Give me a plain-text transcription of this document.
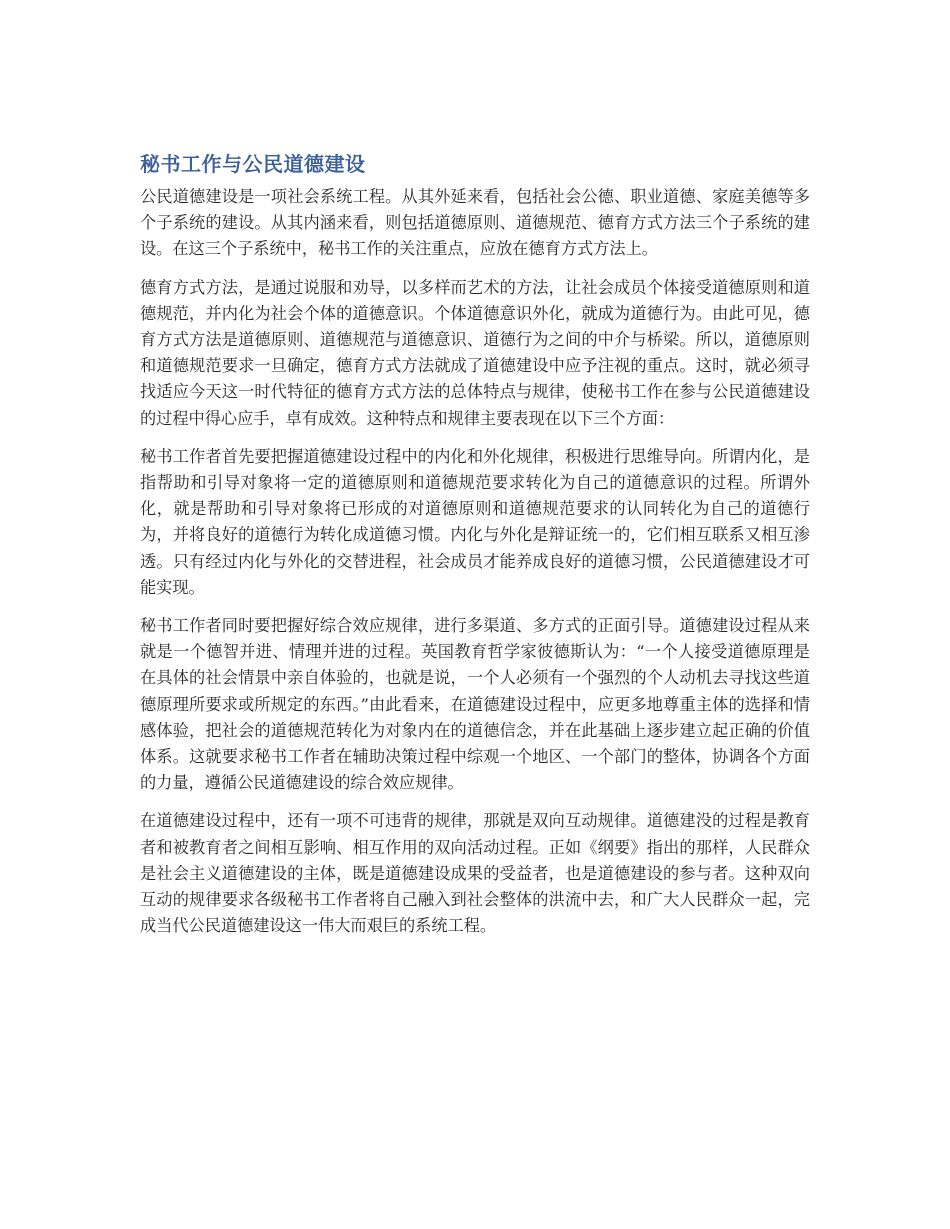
秘书工作与公民道德建设

公民道德建设是一项社会系统工程。从其外延来看，包括社会公德、职业道德、家庭美德等多个子系统的建设。从其内涵来看，则包括道德原则、道德规范、德育方式方法三个子系统的建设。在这三个子系统中，秘书工作的关注重点，应放在德育方式方法上。

德育方式方法，是通过说服和劝导，以多样而艺术的方法，让社会成员个体接受道德原则和道德规范，并内化为社会个体的道德意识。个体道德意识外化，就成为道德行为。由此可见，德育方式方法是道德原则、道德规范与道德意识、道德行为之间的中介与桥梁。所以，道德原则和道德规范要求一旦确定，德育方式方法就成了道德建设中应予注视的重点。这时，就必须寻找适应今天这一时代特征的德育方式方法的总体特点与规律，使秘书工作在参与公民道德建设的过程中得心应手，卓有成效。这种特点和规律主要表现在以下三个方面：

秘书工作者首先要把握道德建设过程中的内化和外化规律，积极进行思维导向。所谓内化，是指帮助和引导对象将一定的道德原则和道德规范要求转化为自己的道德意识的过程。所谓外化，就是帮助和引导对象将已形成的对道德原则和道德规范要求的认同转化为自己的道德行为，并将良好的道德行为转化成道德习惯。内化与外化是辩证统一的，它们相互联系又相互渗透。只有经过内化与外化的交替进程，社会成员才能养成良好的道德习惯，公民道德建设才可能实现。

秘书工作者同时要把握好综合效应规律，进行多渠道、多方式的正面引导。道德建设过程从来就是一个德智并进、情理并进的过程。英国教育哲学家彼德斯认为：“一个人接受道德原理是在具体的社会情景中亲自体验的，也就是说，一个人必须有一个强烈的个人动机去寻找这些道德原理所要求或所规定的东西。”由此看来，在道德建设过程中，应更多地尊重主体的选择和情感体验，把社会的道德规范转化为对象内在的道德信念，并在此基础上逐步建立起正确的价值体系。这就要求秘书工作者在辅助决策过程中综观一个地区、一个部门的整体，协调各个方面的力量，遵循公民道德建设的综合效应规律。

在道德建设过程中，还有一项不可违背的规律，那就是双向互动规律。道德建没的过程是教育者和被教育者之间相互影响、相互作用的双向活动过程。正如《纲要》指出的那样，人民群众是社会主义道德建设的主体，既是道德建设成果的受益者，也是道德建设的参与者。这种双向互动的规律要求各级秘书工作者将自己融入到社会整体的洪流中去，和广大人民群众一起，完成当代公民道德建设这一伟大而艰巨的系统工程。
